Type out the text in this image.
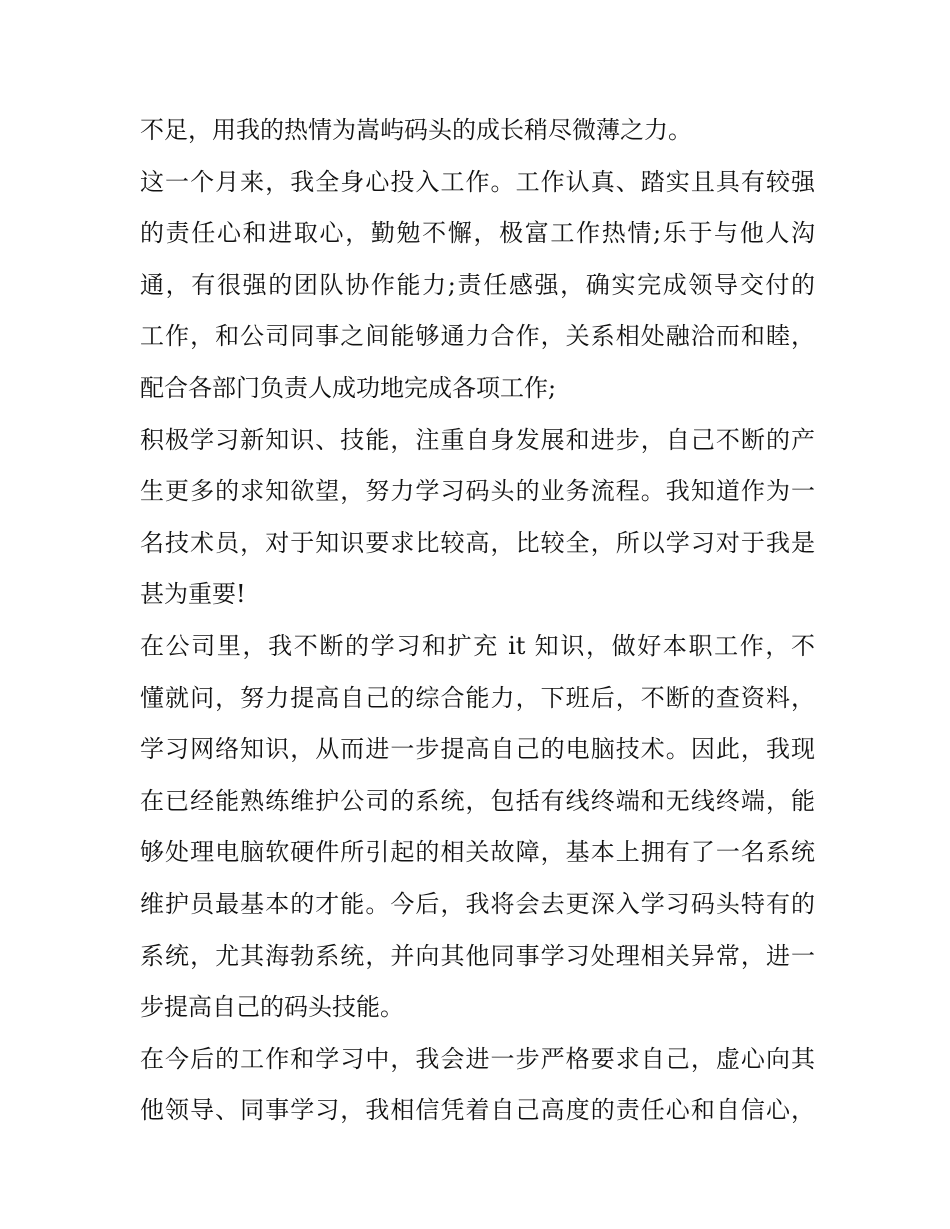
不足，用我的热情为嵩屿码头的成长稍尽微薄之力。
这一个月来，我全身心投入工作。工作认真、踏实且具有较强
的责任心和进取心，勤勉不懈，极富工作热情;乐于与他人沟
通，有很强的团队协作能力;责任感强，确实完成领导交付的
工作，和公司同事之间能够通力合作，关系相处融洽而和睦，
配合各部门负责人成功地完成各项工作;
积极学习新知识、技能，注重自身发展和进步，自己不断的产
生更多的求知欲望，努力学习码头的业务流程。我知道作为一
名技术员，对于知识要求比较高，比较全，所以学习对于我是
甚为重要!
在公司里，我不断的学习和扩充 it 知识，做好本职工作，不
懂就问，努力提高自己的综合能力，下班后，不断的查资料，
学习网络知识，从而进一步提高自己的电脑技术。因此，我现
在已经能熟练维护公司的系统，包括有线终端和无线终端，能
够处理电脑软硬件所引起的相关故障，基本上拥有了一名系统
维护员最基本的才能。今后，我将会去更深入学习码头特有的
系统，尤其海勃系统，并向其他同事学习处理相关异常，进一
步提高自己的码头技能。
在今后的工作和学习中，我会进一步严格要求自己，虚心向其
他领导、同事学习，我相信凭着自己高度的责任心和自信心，
